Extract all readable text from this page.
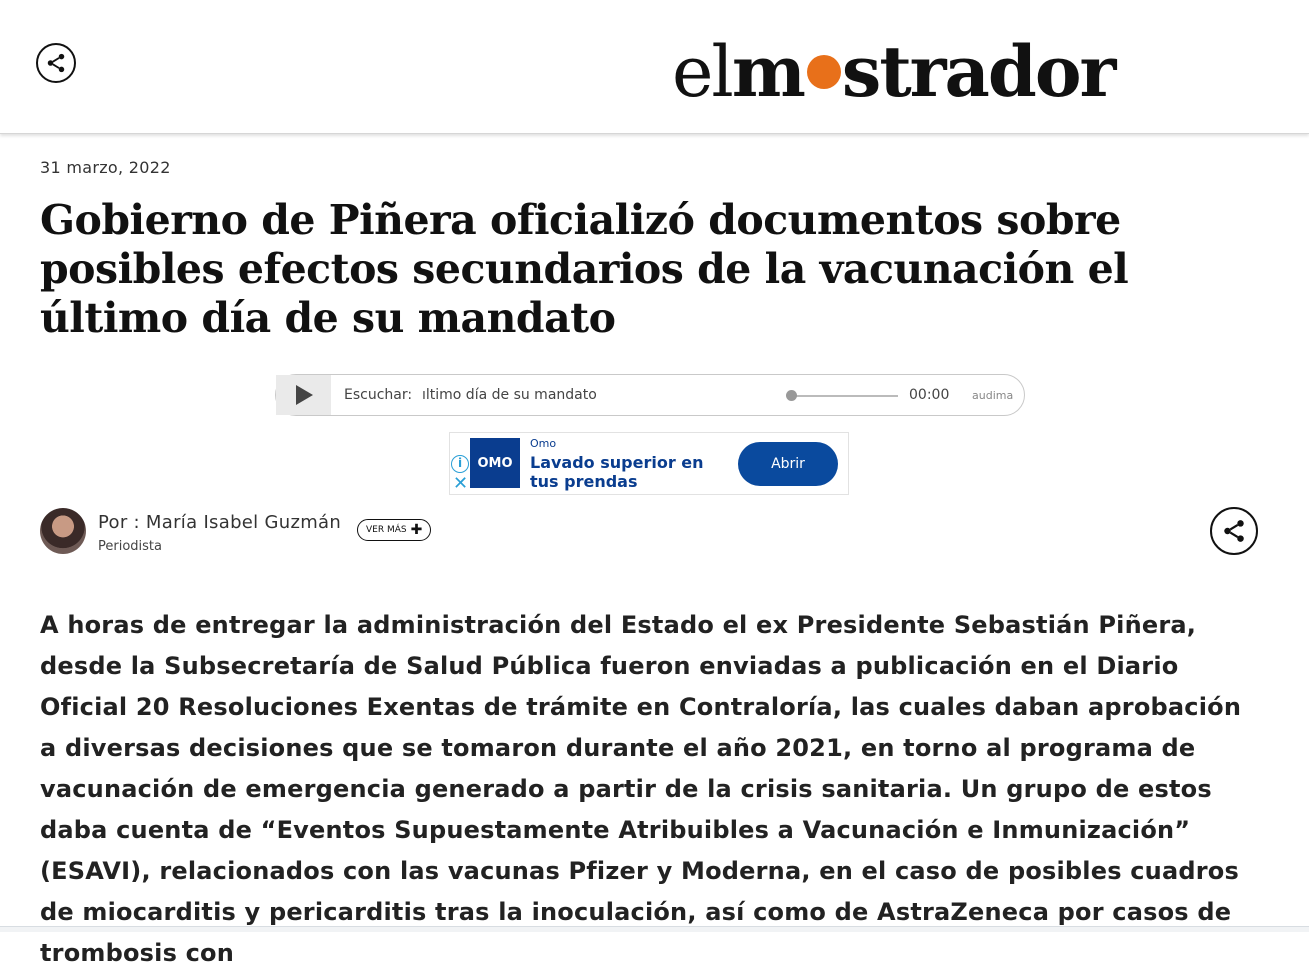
elm strador
31 marzo, 2022
Gobierno de Piñera oficializó documentos sobre posibles efectos secundarios de la vacunación el último día de su mandato
Escuchar: ıltimo día de su mandato	00:00 audima
i
✕
OMO
Omo
Lavado superior en tus prendas
Abrir
Por : María Isabel Guzmán
Periodista
VER MÁS ✚

A horas de entregar la administración del Estado el ex Presidente Sebastián Piñera, desde la Subsecretaría de Salud Pública fueron enviadas a publicación en el Diario Oficial 20 Resoluciones Exentas de trámite en Contraloría, las cuales daban aprobación a diversas decisiones que se tomaron durante el año 2021, en torno al programa de vacunación de emergencia generado a partir de la crisis sanitaria. Un grupo de estos daba cuenta de “Eventos Supuestamente Atribuibles a Vacunación e Inmunización” (ESAVI), relacionados con las vacunas Pfizer y Moderna, en el caso de posibles cuadros de miocarditis y pericarditis tras la inoculación, así como de AstraZeneca por casos de trombosis con
